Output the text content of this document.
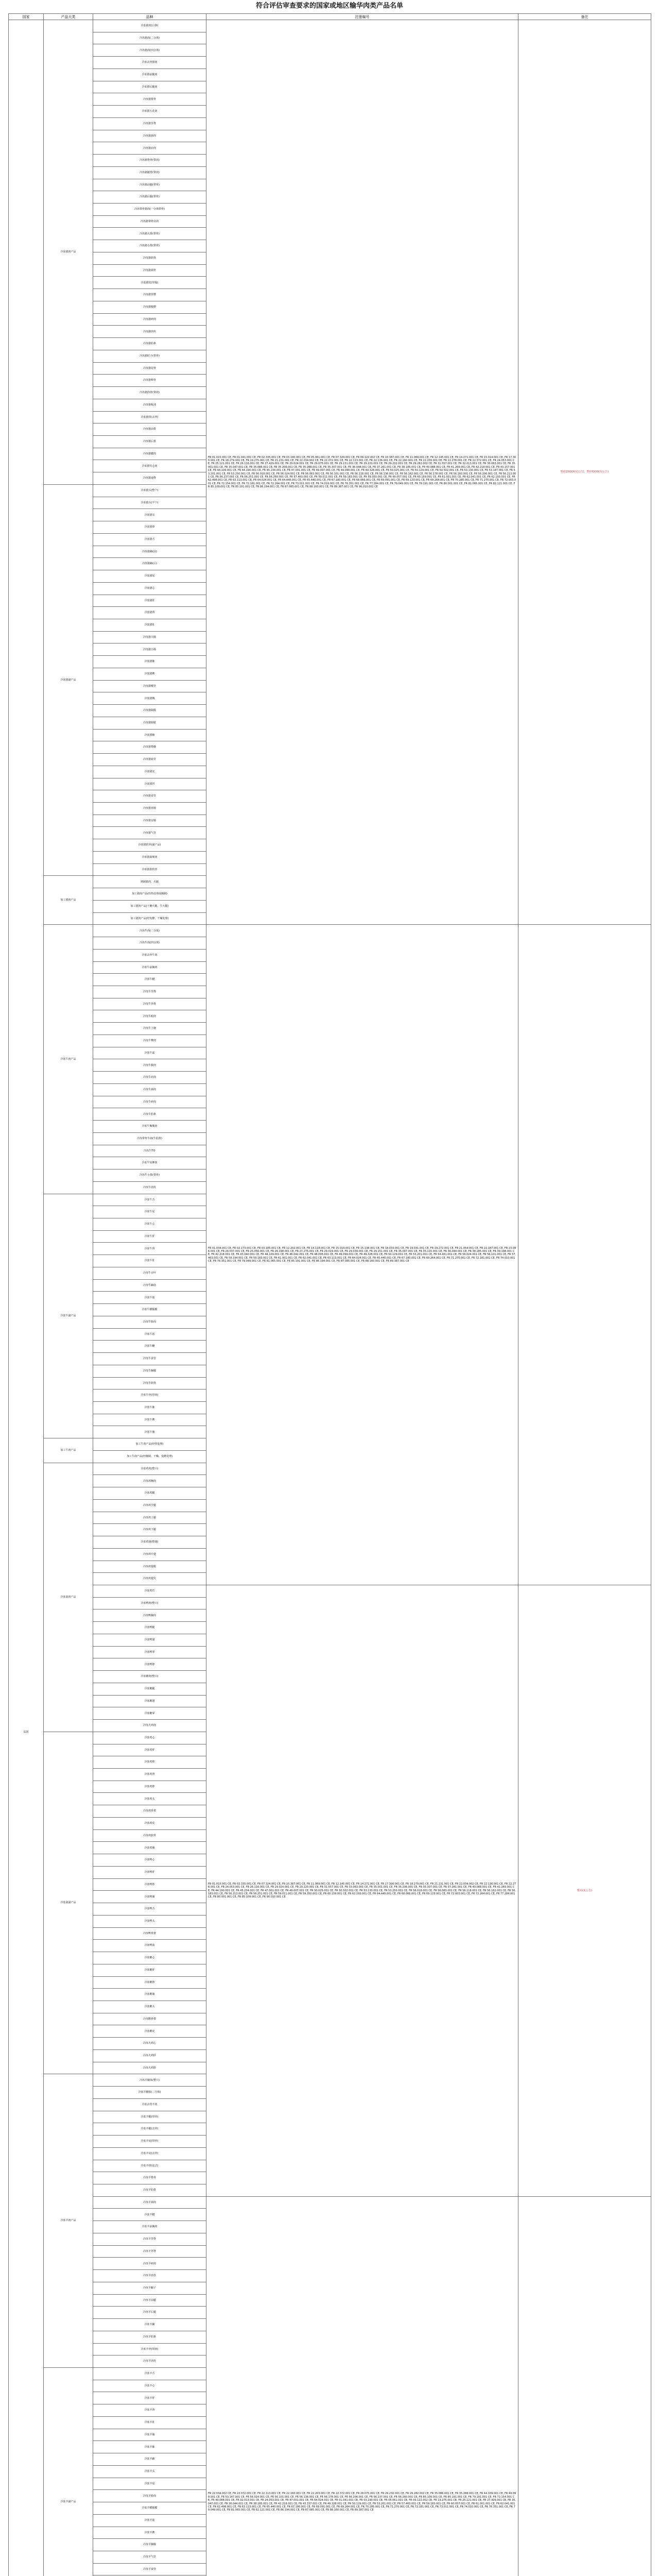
符合评估审查要求的国家或地区输华肉类产品名单
国家	产品大类	品种	注册编号	备注
法国	冷冻猪肉产品	冷冻猪肉(白条)	FR 01.015.001 CE, FR 01.041.001 CE, FR 02.335.001 CE, FR 03.190.001 CE, FR 05.061.001 CE, FR 07.324.001 CE, FR 09.122.002 CE, FR 10.387.001 CE, FR 11.069.001 CE, FR 12.145.001 CE, FR 14.271.001 CE, FR 15.014.001 CE, FR 17.300.001 CE, FR 18.279.001 CE, FR 19.275.001 CE, FR 21.231.001 CE, FR 22.034.002 CE, FR 22.072.001 CE, FR 22.113.001 CE, FR 22.136.001 CE, FR 22.160.001 CE, FR 22.203.001 CE, FR 22.278.001 CE, FR 22.372.001 CE, FR 24.053.001 CE, FR 25.121.001 CE, FR 26.116.001 CE, FR 27.429.001 CE, FR 29.024.001 CE, FR 29.075.001 CE, FR 29.151.001 CE, FR 29.220.001 CE, FR 29.232.001 CE, FR 29.282.002 CE, FR 31.557.001 CE, FR 32.013.001 CE, FR 33.063.001 CE, FR 35.001.001 CE, FR 35.047.001 CE, FR 35.086.001 CE, FR 35.206.001 CE, FR 35.288.001 CE, FR 35.307.001 CE, FR 36.044.001 CE, FR 37.261.001 CE, FR 38.185.001 CE, FR 40.088.001 CE, FR 41.269.001 CE, FR 42.218.001 CE, FR 43.157.001 CE, FR 44.109.001 CE, FR 44.190.001 CE, FR 45.234.001 CE, FR 47.001.001 CE, FR 49.007.001 CE, FR 49.099.001 CE, FR 49.328.001 CE, FR 50.025.001 CE, FR 50.129.001 CE, FR 50.502.001 CE, FR 53.130.001 CE, FR 53.147.001 CE, FR 53.201.001 CE, FR 53.250.001 CE, FR 56.018.001 CE, FR 56.024.001 CE, FR 56.083.001 CE, FR 56.101.001 CE, FR 56.118.001 CE, FR 56.136.001 CE, FR 56.162.001 CE, FR 56.178.001 CE, FR 56.183.001 CE, FR 56.206.001 CE, FR 56.213.001 CE, FR 56.237.001 CE, FR 56.251.001 CE, FR 56.260.001 CE, FR 57.463.001 CE, FR 59.011.001 CE, FR 59.183.001 CE, FR 59.350.001 CE, FR 60.057.001 CE, FR 60.159.001 CE, FR 61.001.001 CE, FR 62.041.001 CE, FR 62.193.001 CE, FR 62.498.001 CE, FR 63.113.001 CE, FR 64.024.001 CE, FR 64.445.001 CE, FR 65.440.001 CE, FR 67.180.001 CE, FR 68.066.001 CE, FR 69.091.001 CE, FR 69.123.001 CE, FR 69.264.001 CE, FR 70.285.001 CE, FR 71.270.001 CE, FR 72.003.001 CE, FR 72.154.001 CE, FR 72.181.001 CE, FR 72.264.001 CE, FR 73.011.001 CE, FR 74.010.001 CE, FR 76.351.001 CE, FR 77.284.001 CE, FR 79.049.001 CE, FR 79.191.001 CE, FR 80.001.001 CE, FR 81.065.001 CE, FR 82.121.001 CE, FR 85.109.001 CE, FR 85.191.001 CE, FR 86.194.001 CE, FR 87.085.001 CE, FR 88.160.001 CE, FR 89.387.001 CE, FR 90.010.001 CE	暂停2XXXX(见公告)，暂停XXXX(见公告)
		冷冻猪肉(二分体)		
		冷冻猪肉(四分体)		
		冷冻去骨猪肉		
		冷冻猪前腿肉		
		冷冻猪后腿肉		
		冷冻猪排骨		
		冷冻猪五花肉		
		冷冻猪里脊		
		冷冻猪颈肉		
		冷冻猪肩肉		
		冷冻猪脊骨(带肉)		
		冷冻猪腿骨(带肉)		
		冷冻猪前腿(带骨)		
		冷冻猪后腿(带骨)		
		冷冻带骨猪肉(一分体带骨)		
		冷冻猪带骨肩肉		
		冷冻猪大排(带骨)		
		冷冻猪小排(带骨)		
		冷冻猪软骨		
		冷冻猪颈骨		
		冷冻猪皮(带脂)		
		冷冻猪背膘		
		冷冻猪腹膘		
		冷冻猪碎肉		
		冷冻猪肉块		
		冷冻猪肋条		
		冷冻猪肘子(带骨)		
		冷冻猪尾骨		
		冷冻猪棒骨		
		冷冻猪筒骨(带肉)		
		冷冻猪板油		
		冷冻猪排(去骨)		
		冷冻猪前排		
		冷冻猪后排		
		冷冻猪腱肉		
		冷冻猪夹心肉		
		冷冻猪通脊		
	冷冻猪副产品	冷冻猪头(整个)		
		冷冻猪头(半个)		
		冷冻猪耳		
		冷冻猪鼻		
		冷冻猪舌		
		冷冻猪蹄(前)		
		冷冻猪蹄(后)		
		冷冻猪尾		
		冷冻猪心		
		冷冻猪肝		
		冷冻猪肾		
		冷冻猪肚		
		冷冻猪大肠		
		冷冻猪小肠		
		冷冻猪肺		
		冷冻猪脾		
		冷冻猪喉管		
		冷冻猪胰		
		冷冻猪隔膜		
		冷冻猪膀胱		
		冷冻猪脑		
		冷冻猪脊髓		
		冷冻猪血管		
		冷冻猪皮		
		冷冻猪胃		
		冷冻猪食管		
		冷冻猪直肠		
		冷冻猪盲肠		
		冷冻猪气管		
		冷冻猪软骨(副产品)		
		冷冻猪面颊肉		
		冷冻猪肋软骨		
	加工猪肉产品	熟制猪肉、火腿		
		加工猪肉产品(经热处理或腌制)		
		加工猪肉产品(干腌火腿、生火腿)		
		加工猪肉产品(经发酵、干燥处理)		
	冷冻牛肉产品	冷冻牛肉(二分体)	FR 01.034.001 CE, FR 02.173.001 CE, FR 03.185.001 CE, FR 12.202.001 CE, FR 14.118.001 CE, FR 15.014.001 CE, FR 15.138.001 CE, FR 18.033.001 CE, FR 19.031.001 CE, FR 19.272.001 CE, FR 21.054.001 CE, FR 22.187.001 CE, FR 23.096.001 CE, FR 24.037.001 CE, FR 25.056.001 CE, FR 26.198.001 CE, FR 27.275.001 CE, FR 29.019.001 CE, FR 29.039.001 CE, FR 29.151.001 CE, FR 35.047.001 CE, FR 35.115.001 CE, FR 36.044.001 CE, FR 38.185.001 CE, FR 39.198.001 CE, FR 42.218.001 CE, FR 43.040.001 CE, FR 44.109.001 CE, FR 46.042.001 CE, FR 48.095.001 CE, FR 49.099.001 CE, FR 49.328.001 CE, FR 50.129.001 CE, FR 53.201.001 CE, FR 54.431.001 CE, FR 56.024.001 CE, FR 56.101.001 CE, FR 57.463.001 CE, FR 58.194.001 CE, FR 59.183.001 CE, FR 61.001.001 CE, FR 62.041.001 CE, FR 63.113.001 CE, FR 64.024.001 CE, FR 65.440.001 CE, FR 67.180.001 CE, FR 69.264.001 CE, FR 71.270.001 CE, FR 72.181.001 CE, FR 74.010.001 CE, FR 76.351.001 CE, FR 79.049.001 CE, FR 81.065.001 CE, FR 85.191.001 CE, FR 86.194.001 CE, FR 87.085.001 CE, FR 88.160.001 CE, FR 89.387.001 CE	
		冷冻牛肉(四分体)		
		冷冻去骨牛肉		
		冷冻牛前胸肉		
		冷冻牛腱		
		冷冻牛里脊		
		冷冻牛外脊		
		冷冻牛眼肉		
		冷冻牛上脑		
		冷冻牛臀肉		
		冷冻牛霖		
		冷冻牛腹肉		
		冷冻牛肩肉		
		冷冻牛颈肉		
		冷冻牛碎肉		
		冷冻牛肋条		
		冷冻牛胸腹肉		
		冷冻带骨牛肉(牛肋排)		
		冷冻牛T骨		
		冷冻牛肩胛肉		
		冷冻牛小排(带骨)		
		冷冻牛肉块		
	冷冻牛副产品	冷冻牛舌		
		冷冻牛尾		
		冷冻牛心		
		冷冻牛肝		
		冷冻牛肾		
		冷冻牛肚		
		冷冻牛百叶		
		冷冻牛蹄筋		
		冷冻牛筋		
		冷冻牛横膈膜		
		冷冻牛脸肉		
		冷冻牛唇		
		冷冻牛鞭		
		冷冻牛食管		
		冷冻牛胸腺		
		冷冻牛软骨		
		冷冻牛骨(带肉)		
		冷冻牛肺		
		冷冻牛脾		
		冷冻牛肠		
	加工牛肉产品	加工牛肉产品(经热处理)		
		加工牛肉产品(经腌制、干燥、发酵处理)		
	冷冻禽肉产品	冷冻鸡肉(整只)		
		冷冻鸡胸肉		
		冷冻鸡腿		
		冷冻鸡全腿		
		冷冻鸡上腿		
		冷冻鸡下腿		
		冷冻鸡翅(整翅)		
		冷冻鸡中翅		
		冷冻鸡翅根		
		冷冻鸡翅尖		
		冷冻鸡爪	FR 01.015.001 CE, FR 02.335.001 CE, FR 07.324.001 CE, FR 10.387.001 CE, FR 11.069.001 CE, FR 12.145.001 CE, FR 14.271.001 CE, FR 17.300.001 CE, FR 18.279.001 CE, FR 21.231.001 CE, FR 22.034.002 CE, FR 22.136.001 CE, FR 22.278.001 CE, FR 24.053.001 CE, FR 26.116.001 CE, FR 29.024.001 CE, FR 29.220.001 CE, FR 31.557.001 CE, FR 33.063.001 CE, FR 35.001.001 CE, FR 35.206.001 CE, FR 35.307.001 CE, FR 37.261.001 CE, FR 40.088.001 CE, FR 41.269.001 CE, FR 44.190.001 CE, FR 45.234.001 CE, FR 47.001.001 CE, FR 49.007.001 CE, FR 50.025.001 CE, FR 50.502.001 CE, FR 53.130.001 CE, FR 53.250.001 CE, FR 56.018.001 CE, FR 56.083.001 CE, FR 56.118.001 CE, FR 56.162.001 CE, FR 56.183.001 CE, FR 56.213.001 CE, FR 56.251.001 CE, FR 59.011.001 CE, FR 59.350.001 CE, FR 60.159.001 CE, FR 62.193.001 CE, FR 64.445.001 CE, FR 68.066.001 CE, FR 69.123.001 CE, FR 72.003.001 CE, FR 72.264.001 CE, FR 77.284.001 CE, FR 80.001.001 CE, FR 85.109.001 CE, FR 90.010.001 CE	暂停(见公告)
		冷冻鸭肉(整只)		
		冷冻鸭胸肉		
		冷冻鸭腿		
		冷冻鸭翅		
		冷冻鸭掌		
		冷冻鸭脖		
		冷冻鹅肉(整只)		
		冷冻鹅腿		
		冷冻鹅翅		
		冷冻鹅掌		
		冷冻火鸡肉		
	冷冻禽副产品	冷冻鸡心		
		冷冻鸡肝		
		冷冻鸡胗		
		冷冻鸡肾		
		冷冻鸡脖		
		冷冻鸡头		
		冷冻鸡骨架		
		冷冻鸡皮		
		冷冻鸡软骨		
		冷冻鸡肠		
		冷冻鸭心		
		冷冻鸭肝		
		冷冻鸭胗		
		冷冻鸭肠		
		冷冻鸭舌		
		冷冻鸭头		
		冷冻鸭骨架		
		冷冻鸭血		
		冷冻鹅心		
		冷冻鹅肝		
		冷冻鹅胗		
		冷冻鹅肠		
		冷冻鹅头		
		冷冻鹅骨架		
		冷冻鹅皮		
		冷冻火鸡心		
		冷冻火鸡肝		
		冷冻火鸡胗		
	冷冻羊肉产品	冷冻羊胴体(整只)		
		冷冻羊胴体(二分体)		
		冷冻去骨羊肉		
		冷冻羊腿(带骨)		
		冷冻羊腿(去骨)		
		冷冻羊肩(带骨)		
		冷冻羊肩(去骨)		
		冷冻羊排(法式)		
		冷冻羊脊骨		
		冷冻羊肋排		
		冷冻羊颈肉	FR 22.034.002 CE, FR 22.072.001 CE, FR 22.113.001 CE, FR 22.160.001 CE, FR 22.203.001 CE, FR 22.372.001 CE, FR 29.075.001 CE, FR 29.232.001 CE, FR 29.282.002 CE, FR 35.086.001 CE, FR 35.288.001 CE, FR 44.109.001 CE, FR 49.099.001 CE, FR 53.147.001 CE, FR 56.024.001 CE, FR 56.101.001 CE, FR 56.136.001 CE, FR 56.178.001 CE, FR 56.206.001 CE, FR 56.237.001 CE, FR 56.260.001 CE, FR 85.109.001 CE, FR 85.191.001 CE, FR 79.191.001 CE, FR 72.154.001 CE, FR 40.088.001 CE, FR 32.013.001 CE, FR 24.053.001 CE, FR 47.001.001 CE, FR 64.024.001 CE, FR 01.041.001 CE, FR 03.190.001 CE, FR 05.061.001 CE, FR 09.122.002 CE, FR 19.275.001 CE, FR 25.121.001 CE, FR 27.429.001 CE, FR 35.047.001 CE, FR 36.044.001 CE, FR 38.185.001 CE, FR 42.218.001 CE, FR 43.157.001 CE, FR 49.328.001 CE, FR 50.129.001 CE, FR 53.201.001 CE, FR 57.463.001 CE, FR 59.183.001 CE, FR 60.057.001 CE, FR 61.001.001 CE, FR 62.041.001 CE, FR 62.498.001 CE, FR 63.113.001 CE, FR 65.440.001 CE, FR 67.180.001 CE, FR 69.091.001 CE, FR 69.264.001 CE, FR 70.285.001 CE, FR 71.270.001 CE, FR 72.181.001 CE, FR 73.011.001 CE, FR 74.010.001 CE, FR 76.351.001 CE, FR 79.049.001 CE, FR 81.065.001 CE, FR 82.121.001 CE, FR 86.194.001 CE, FR 87.085.001 CE, FR 88.160.001 CE, FR 89.387.001 CE	
		冷冻羊腱		
		冷冻羊前胸肉		
		冷冻羊里脊		
		冷冻羊外脊		
		冷冻羊碎肉		
		冷冻羊肉卷		
		冷冻羊蝎子		
		冷冻羊前腿		
		冷冻羊后腿		
		冷冻羊腩		
		冷冻羊肋条		
		冷冻羊骨(带肉)		
		冷冻羊肉块		
	冷冻羊副产品	冷冻羊舌		
		冷冻羊心		
		冷冻羊肝		
		冷冻羊肾		
		冷冻羊肚		
		冷冻羊肠		
		冷冻羊肺		
		冷冻羊蹄		
		冷冻羊头		
		冷冻羊尾		
		冷冻羊脸肉		
		冷冻羊横膈膜		
		冷冻羊筋		
		冷冻羊脾		
		冷冻羊胸腺		
		冷冻羊气管		
		冷冻羊食管		
